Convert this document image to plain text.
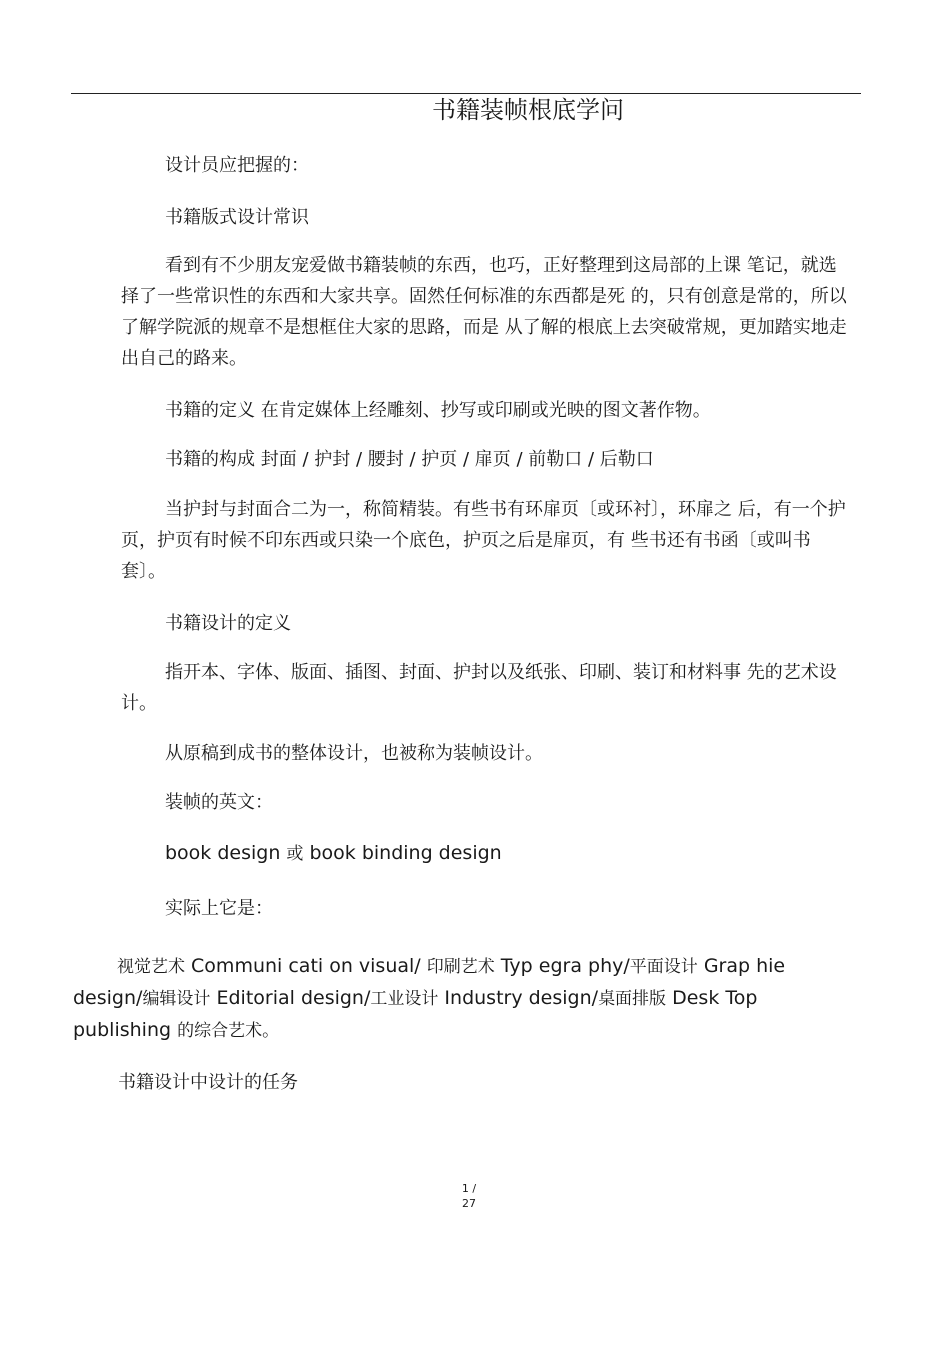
书籍装帧根底学问

设计员应把握的：

书籍版式设计常识

看到有不少朋友宠爱做书籍装帧的东西，也巧，正好整理到这局部的上课 笔记，就选择了一些常识性的东西和大家共享。固然任何标准的东西都是死 的，只有创意是常的，所以了解学院派的规章不是想框住大家的思路，而是 从了解的根底上去突破常规，更加踏实地走出自己的路来。

书籍的定义 在肯定媒体上经雕刻、抄写或印刷或光映的图文著作物。

书籍的构成 封面 / 护封 / 腰封 / 护页 / 扉页 / 前勒口 / 后勒口

当护封与封面合二为一，称简精装。有些书有环扉页〔或环衬〕，环扉之 后，有一个护页，护页有时候不印东西或只染一个底色，护页之后是扉页，有 些书还有书函〔或叫书套〕。

书籍设计的定义

指开本、字体、版面、插图、封面、护封以及纸张、印刷、装订和材料事 先的艺术设计。

从原稿到成书的整体设计，也被称为装帧设计。

装帧的英文：

book design 或 book binding design

实际上它是：

视觉艺术 Communi cati on visual/ 印刷艺术 Typ egra phy/平面设计 Grap hie design/编辑设计 Editorial design/工业设计 Industry design/桌面排版 Desk Top publishing 的综合艺术。

书籍设计中设计的任务

1 /
27
